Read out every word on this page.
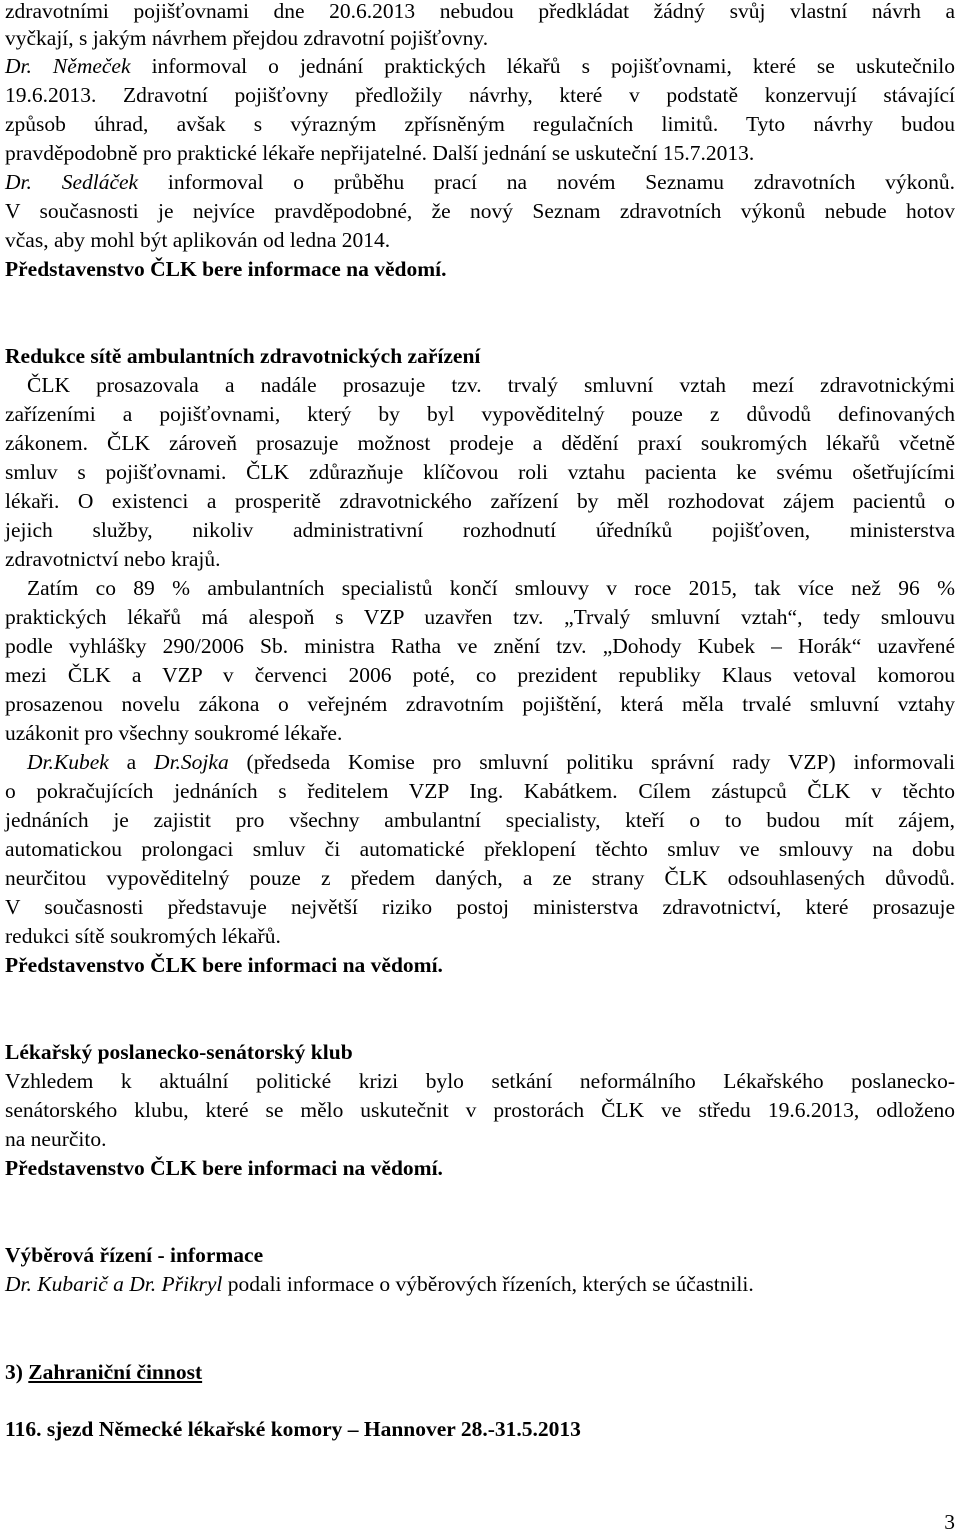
zdravotními pojišťovnami dne 20.6.2013 nebudou předkládat žádný svůj vlastní návrh a
vyčkají, s jakým návrhem přejdou zdravotní pojišťovny.
Dr. Němeček informoval o jednání praktických lékařů s pojišťovnami, které se uskutečnilo
19.6.2013. Zdravotní pojišťovny předložily návrhy, které v podstatě konzervují stávající
způsob úhrad, avšak s výrazným zpřísněným regulačních limitů. Tyto návrhy budou
pravděpodobně pro praktické lékaře nepřijatelné. Další jednání se uskuteční 15.7.2013.
Dr. Sedláček informoval o průběhu prací na novém Seznamu zdravotních výkonů.
V současnosti je nejvíce pravděpodobné, že nový Seznam zdravotních výkonů nebude hotov
včas, aby mohl být aplikován od ledna 2014.
Představenstvo ČLK bere informace na vědomí.
Redukce sítě ambulantních zdravotnických zařízení
ČLK prosazovala a nadále prosazuje tzv. trvalý smluvní vztah mezí zdravotnickými
zařízeními a pojišťovnami, který by byl vypověditelný pouze z důvodů definovaných
zákonem. ČLK zároveň prosazuje možnost prodeje a dědění praxí soukromých lékařů včetně
smluv s pojišťovnami. ČLK zdůrazňuje klíčovou roli vztahu pacienta ke svému ošetřujícími
lékaři. O existenci a prosperitě zdravotnického zařízení by měl rozhodovat zájem pacientů o
jejich služby, nikoliv administrativní rozhodnutí úředníků pojišťoven, ministerstva
zdravotnictví nebo krajů.
Zatím co 89 % ambulantních specialistů končí smlouvy v roce 2015, tak více než 96 %
praktických lékařů má alespoň s VZP uzavřen tzv. „Trvalý smluvní vztah“, tedy smlouvu
podle vyhlášky 290/2006 Sb. ministra Ratha ve znění tzv. „Dohody Kubek – Horák“ uzavřené
mezi ČLK a VZP v červenci 2006 poté, co prezident republiky Klaus vetoval komorou
prosazenou novelu zákona o veřejném zdravotním pojištění, která měla trvalé smluvní vztahy
uzákonit pro všechny soukromé lékaře.
Dr.Kubek a Dr.Sojka (předseda Komise pro smluvní politiku správní rady VZP) informovali
o pokračujících jednáních s ředitelem VZP Ing. Kabátkem. Cílem zástupců ČLK v těchto
jednáních je zajistit pro všechny ambulantní specialisty, kteří o to budou mít zájem,
automatickou prolongaci smluv či automatické překlopení těchto smluv ve smlouvy na dobu
neurčitou vypověditelný pouze z předem daných, a ze strany ČLK odsouhlasených důvodů.
V současnosti představuje největší riziko postoj ministerstva zdravotnictví, které prosazuje
redukci sítě soukromých lékařů.
Představenstvo ČLK bere informaci na vědomí.
Lékařský poslanecko-senátorský klub
Vzhledem k aktuální politické krizi bylo setkání neformálního Lékařského poslanecko-
senátorského klubu, které se mělo uskutečnit v prostorách ČLK ve středu 19.6.2013, odloženo
na neurčito.
Představenstvo ČLK bere informaci na vědomí.
Výběrová řízení - informace
Dr. Kubarič a Dr. Přikryl podali informace o výběrových řízeních, kterých se účastnili.
3) Zahraniční činnost
116. sjezd Německé lékařské komory – Hannover 28.-31.5.2013
3
